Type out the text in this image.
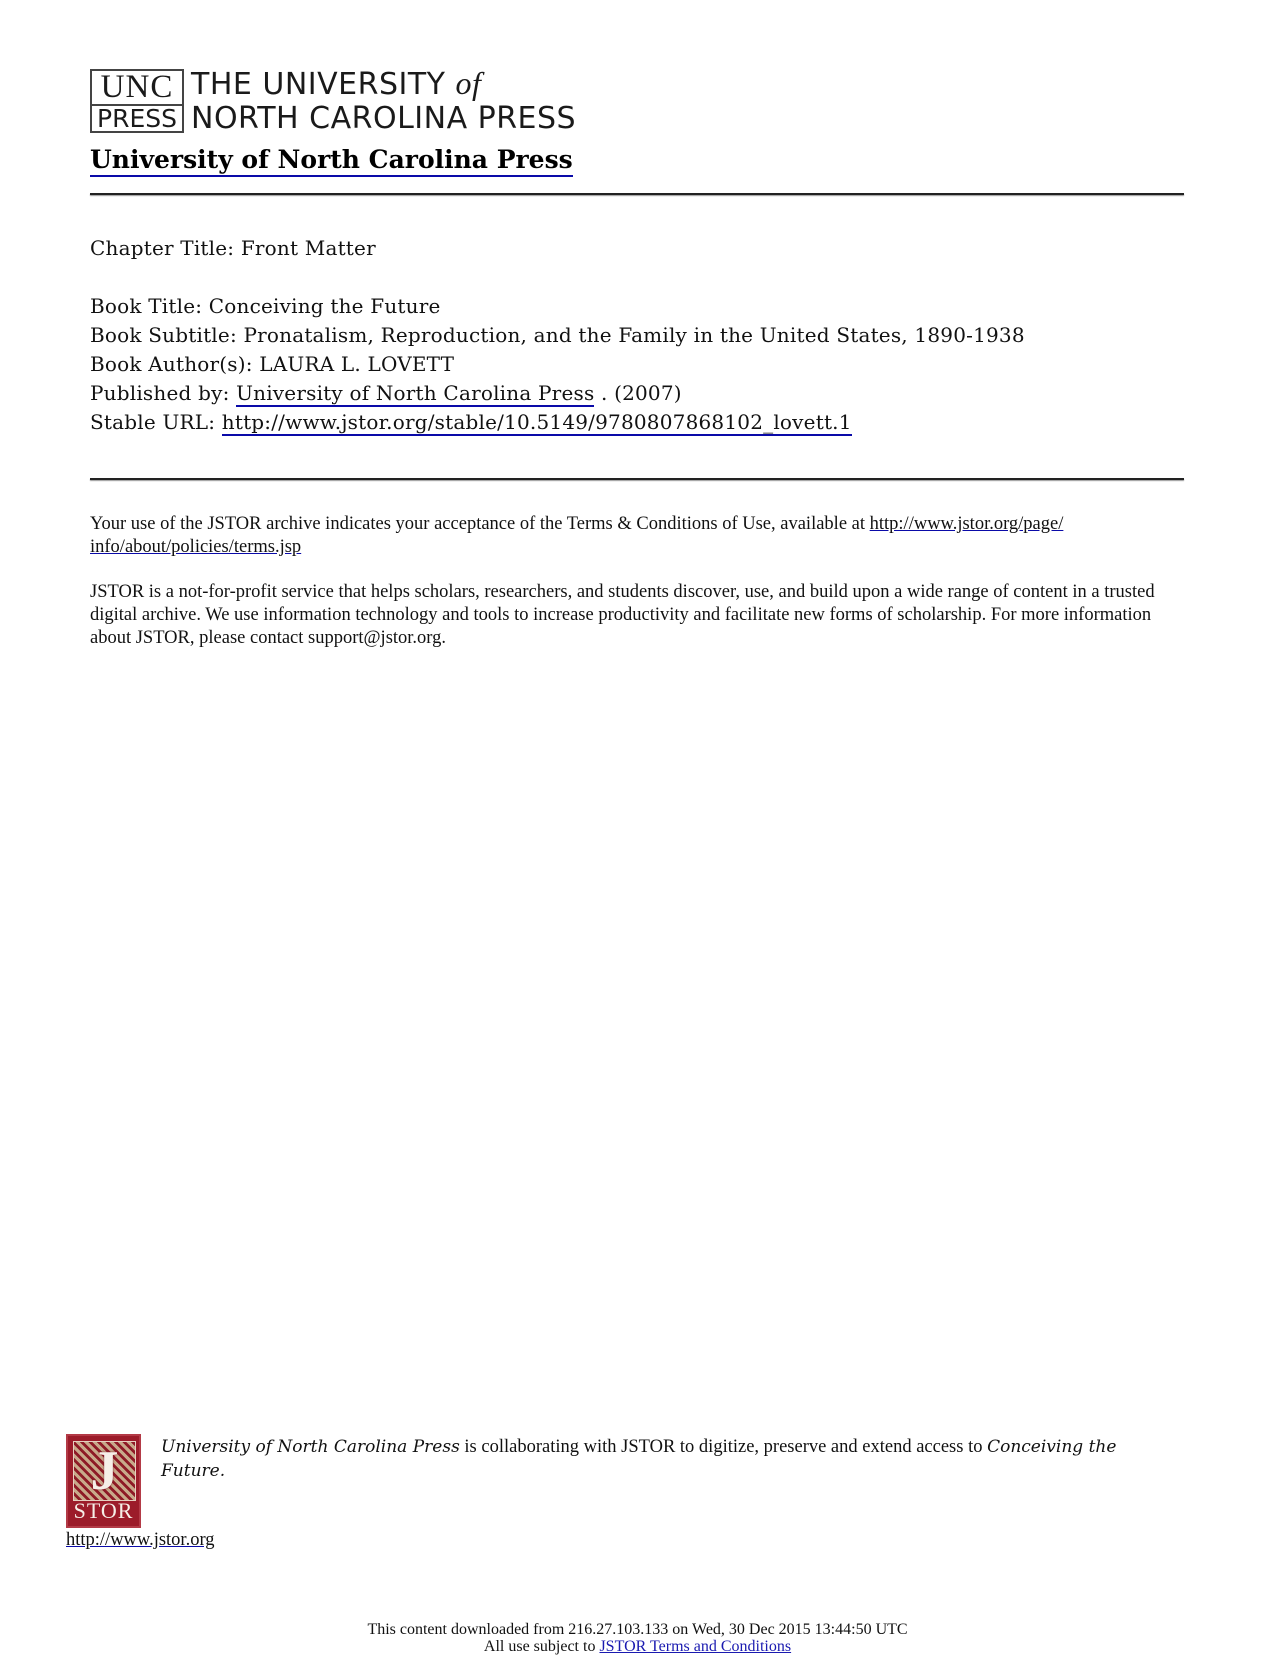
UNC
PRESS
THE UNIVERSITY of
NORTH CAROLINA PRESS
University of North Carolina Press
Chapter Title: Front Matter
Book Title: Conceiving the Future
Book Subtitle: Pronatalism, Reproduction, and the Family in the United States, 1890-1938
Book Author(s): LAURA L. LOVETT
Published by: University of North Carolina Press . (2007)
Stable URL: http://www.jstor.org/stable/10.5149/9780807868102_lovett.1
Your use of the JSTOR archive indicates your acceptance of the Terms & Conditions of Use, available at http://www.jstor.org/page/ info/about/policies/terms.jsp
JSTOR is a not-for-profit service that helps scholars, researchers, and students discover, use, and build upon a wide range of content in a trusted digital archive. We use information technology and tools to increase productivity and facilitate new forms of scholarship. For more information about JSTOR, please contact support@jstor.org.
J
STOR
University of North Carolina Press is collaborating with JSTOR to digitize, preserve and extend access to Conceiving the Future.
http://www.jstor.org
This content downloaded from 216.27.103.133 on Wed, 30 Dec 2015 13:44:50 UTC
All use subject to JSTOR Terms and Conditions
